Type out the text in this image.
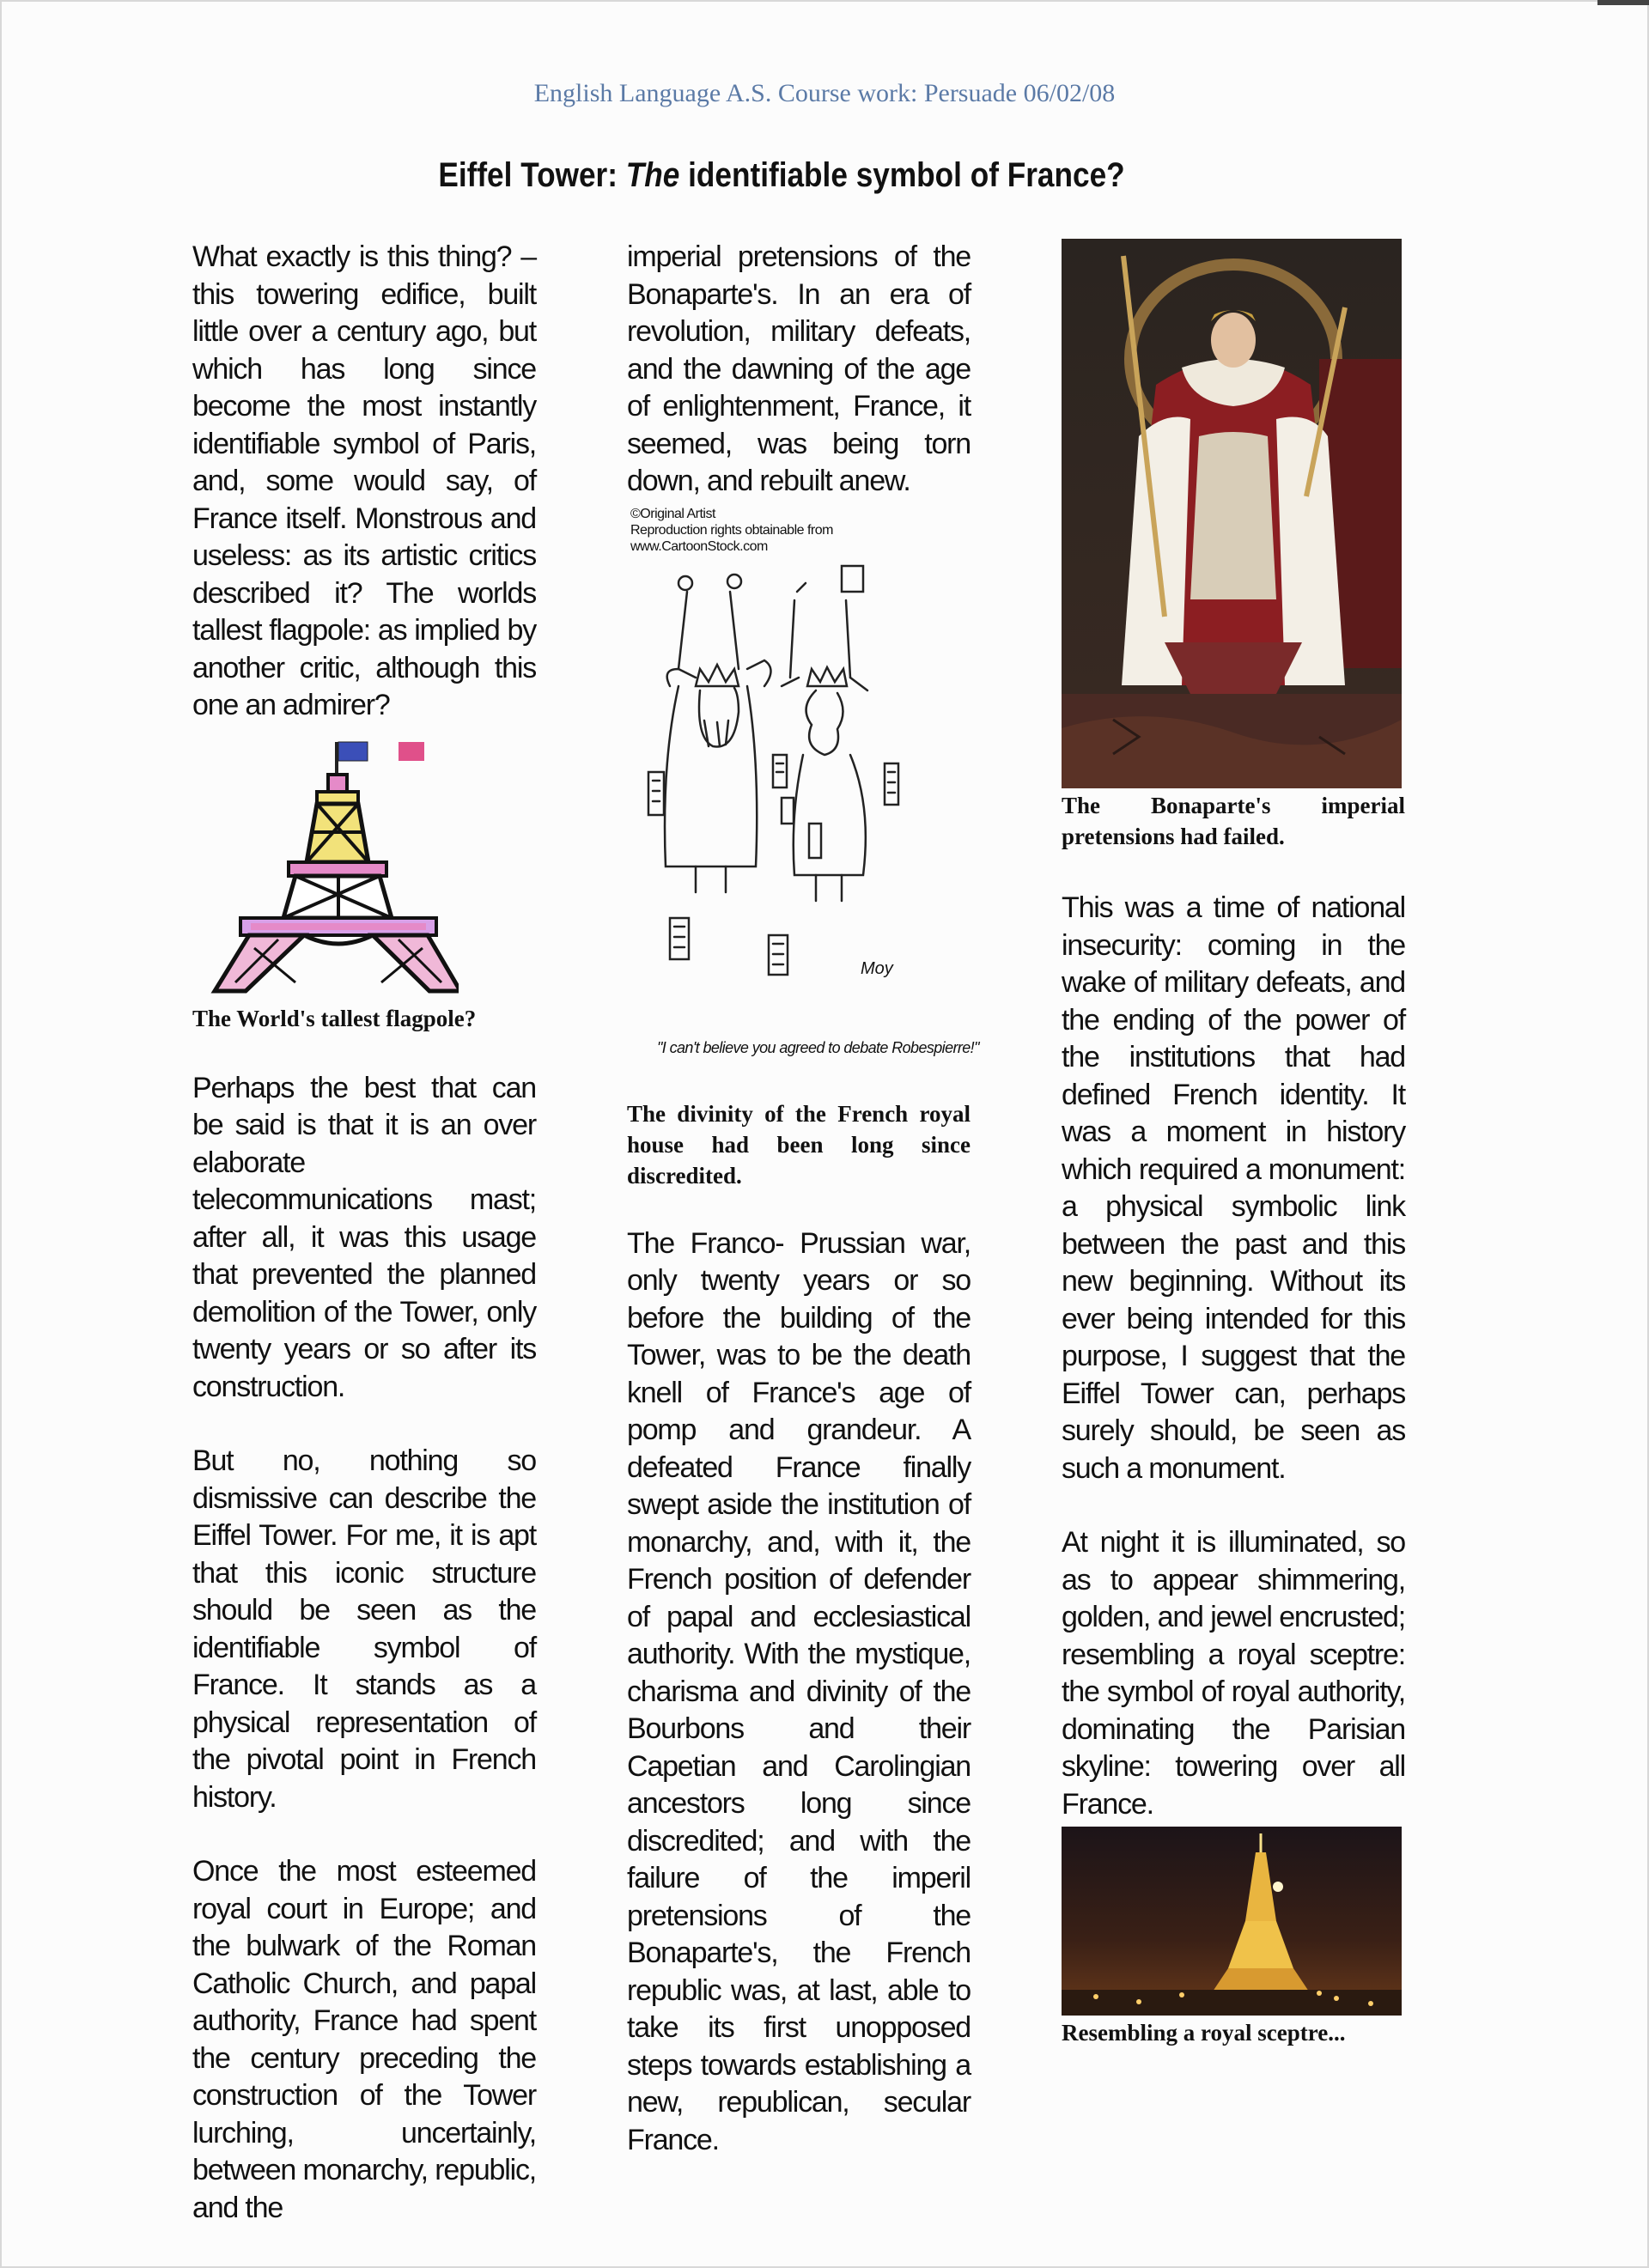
English Language A.S. Course work: Persuade 06/02/08
Eiffel Tower: The identifiable symbol of France?

What exactly is this thing? – this towering edifice, built little over a century ago, but which has long since become the most instantly identifiable symbol of Paris, and, some would say, of France itself. Monstrous and useless: as its artistic critics described it? The worlds tallest flagpole: as implied by another critic, although this one an admirer?

The World's tallest flagpole?

Perhaps the best that can be said is that it is an over elaborate telecommunications mast; after all, it was this usage that prevented the planned demolition of the Tower, only twenty years or so after its construction.

But no, nothing so dismissive can describe the Eiffel Tower. For me, it is apt that this iconic structure should be seen as the identifiable symbol of France. It stands as a physical representation of the pivotal point in French history.

Once the most esteemed royal court in Europe; and the bulwark of the Roman Catholic Church, and papal authority, France had spent the century preceding the construction of the Tower lurching, uncertainly, between monarchy, republic, and the

imperial pretensions of the Bonaparte's. In an era of revolution, military defeats, and the dawning of the age of enlightenment, France, it seemed, was being torn down, and rebuilt anew.

©Original Artist
Reproduction rights obtainable from
www.CartoonStock.com
Moy
"I can't believe you agreed to debate Robespierre!"
The divinity of the French royal house had been long since discredited.

The Franco- Prussian war, only twenty years or so before the building of the Tower, was to be the death knell of France's age of pomp and grandeur. A defeated France finally swept aside the institution of monarchy, and, with it, the French position of defender of papal and ecclesiastical authority. With the mystique, charisma and divinity of the Bourbons and their Capetian and Carolingian ancestors long since discredited; and with the failure of the imperil pretensions of the Bonaparte's, the French republic was, at last, able to take its first unopposed steps towards establishing a new, republican, secular France.

The Bonaparte's imperial pretensions had failed.

This was a time of national insecurity: coming in the wake of military defeats, and the ending of the power of the institutions that had defined French identity. It was a moment in history which required a monument: a physical symbolic link between the past and this new beginning. Without its ever being intended for this purpose, I suggest that the Eiffel Tower can, perhaps surely should, be seen as such a monument.

At night it is illuminated, so as to appear shimmering, golden, and jewel encrusted; resembling a royal sceptre: the symbol of royal authority, dominating the Parisian skyline: towering over all France.

Resembling a royal sceptre...
